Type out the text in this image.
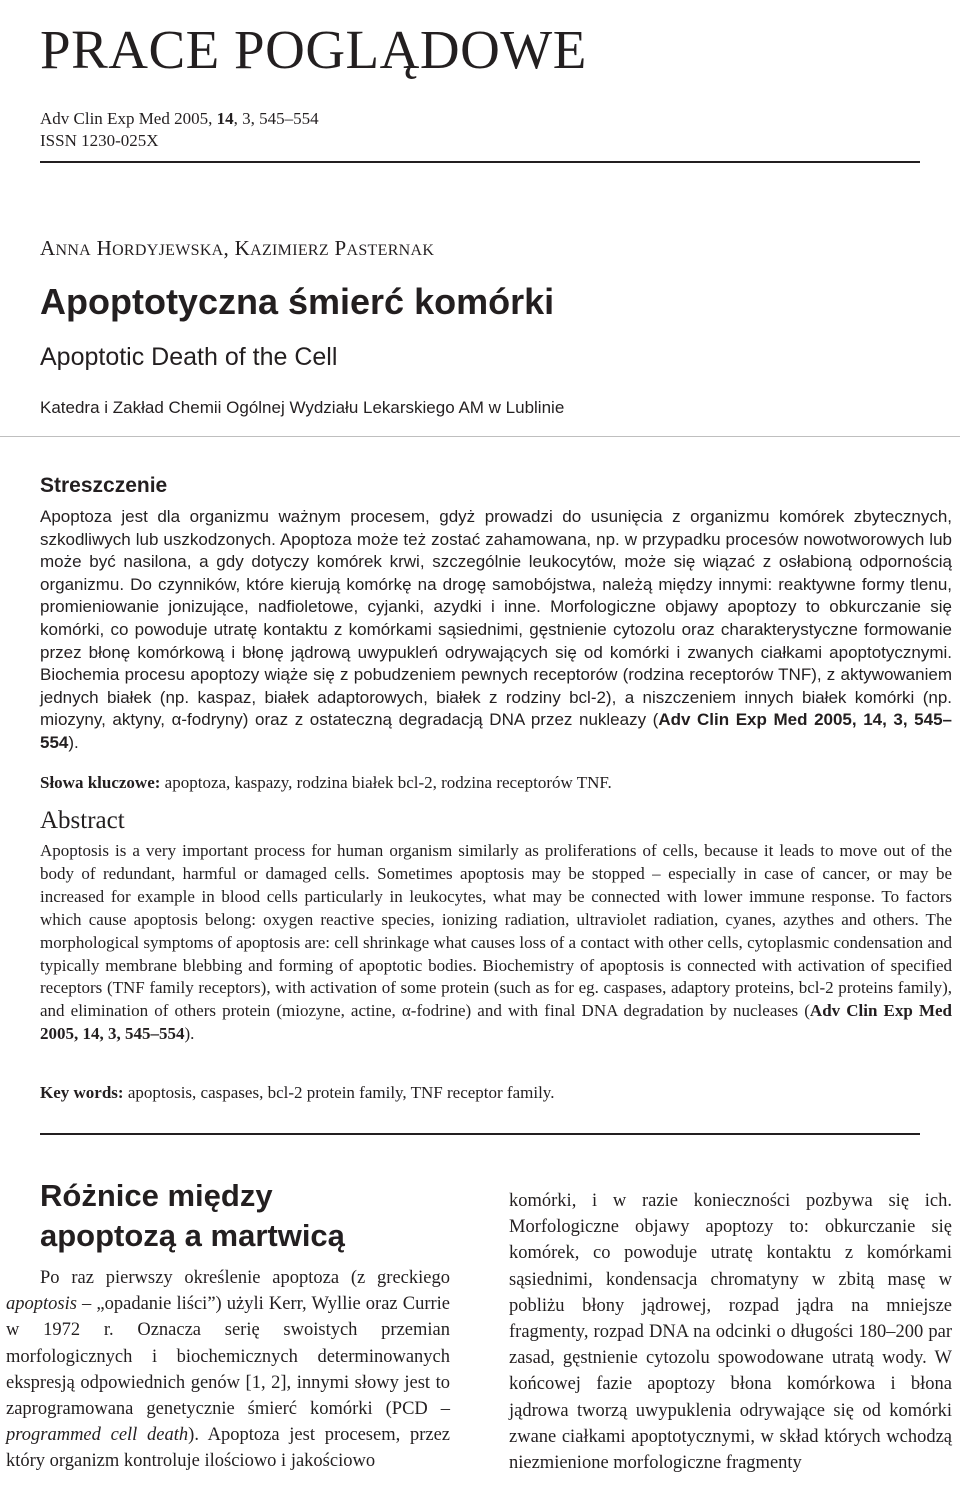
PRACE POGLĄDOWE
Adv Clin Exp Med 2005, 14, 3, 545–554
ISSN 1230-025X
ANNA HORDYJEWSKA, KAZIMIERZ PASTERNAK
Apoptotyczna śmierć komórki
Apoptotic Death of the Cell
Katedra i Zakład Chemii Ogólnej Wydziału Lekarskiego AM w Lublinie
Streszczenie
Apoptoza jest dla organizmu ważnym procesem, gdyż prowadzi do usunięcia z organizmu komórek zbytecznych, szkodliwych lub uszkodzonych. Apoptoza może też zostać zahamowana, np. w przypadku procesów nowotworowych lub może być nasilona, a gdy dotyczy komórek krwi, szczególnie leukocytów, może się wiązać z osłabioną odpornością organizmu. Do czynników, które kierują komórkę na drogę samobójstwa, należą między innymi: reaktywne formy tlenu, promieniowanie jonizujące, nadfioletowe, cyjanki, azydki i inne. Morfologiczne objawy apoptozy to obkurczanie się komórki, co powoduje utratę kontaktu z komórkami sąsiednimi, gęstnienie cytozolu oraz charakterystyczne formowanie przez błonę komórkową i błonę jądrową uwypukleń odrywających się od komórki i zwanych ciałkami apoptotycznymi. Biochemia procesu apoptozy wiąże się z pobudzeniem pewnych receptorów (rodzina receptorów TNF), z aktywowaniem jednych białek (np. kaspaz, białek adaptorowych, białek z rodziny bcl-2), a niszczeniem innych białek komórki (np. miozyny, aktyny, α-fodryny) oraz z ostateczną degradacją DNA przez nukleazy (Adv Clin Exp Med 2005, 14, 3, 545–554).
Słowa kluczowe: apoptoza, kaspazy, rodzina białek bcl-2, rodzina receptorów TNF.
Abstract
Apoptosis is a very important process for human organism similarly as proliferations of cells, because it leads to move out of the body of redundant, harmful or damaged cells. Sometimes apoptosis may be stopped – especially in case of cancer, or may be increased for example in blood cells particularly in leukocytes, what may be connected with lower immune response. To factors which cause apoptosis belong: oxygen reactive species, ionizing radiation, ultraviolet radiation, cyanes, azythes and others. The morphological symptoms of apoptosis are: cell shrinkage what causes loss of a contact with other cells, cytoplasmic condensation and typically membrane blebbing and forming of apoptotic bodies. Biochemistry of apoptosis is connected with activation of specified receptors (TNF family receptors), with activation of some protein (such as for eg. caspases, adaptory proteins, bcl-2 proteins family), and elimination of others protein (miozyne, actine, α-fodrine) and with final DNA degradation by nucleases (Adv Clin Exp Med 2005, 14, 3, 545–554).
Key words: apoptosis, caspases, bcl-2 protein family, TNF receptor family.
Różnice między
apoptozą a martwicą
Po raz pierwszy określenie apoptoza (z greckiego apoptosis – „opadanie liści”) użyli Kerr, Wyllie oraz Currie w 1972 r. Oznacza serię swoistych przemian morfologicznych i biochemicznych determinowanych ekspresją odpowiednich genów [1, 2], innymi słowy jest to zaprogramowana genetycznie śmierć komórki (PCD – programmed cell death). Apoptoza jest procesem, przez który organizm kontroluje ilościowo i jakościowo
komórki, i w razie konieczności pozbywa się ich. Morfologiczne objawy apoptozy to: obkurczanie się komórek, co powoduje utratę kontaktu z komórkami sąsiednimi, kondensacja chromatyny w zbitą masę w pobliżu błony jądrowej, rozpad jądra na mniejsze fragmenty, rozpad DNA na odcinki o długości 180–200 par zasad, gęstnienie cytozolu spowodowane utratą wody. W końcowej fazie apoptozy błona komórkowa i błona jądrowa tworzą uwypuklenia odrywające się od komórki zwane ciałkami apoptotycznymi, w skład których wchodzą niezmienione morfologiczne fragmenty
